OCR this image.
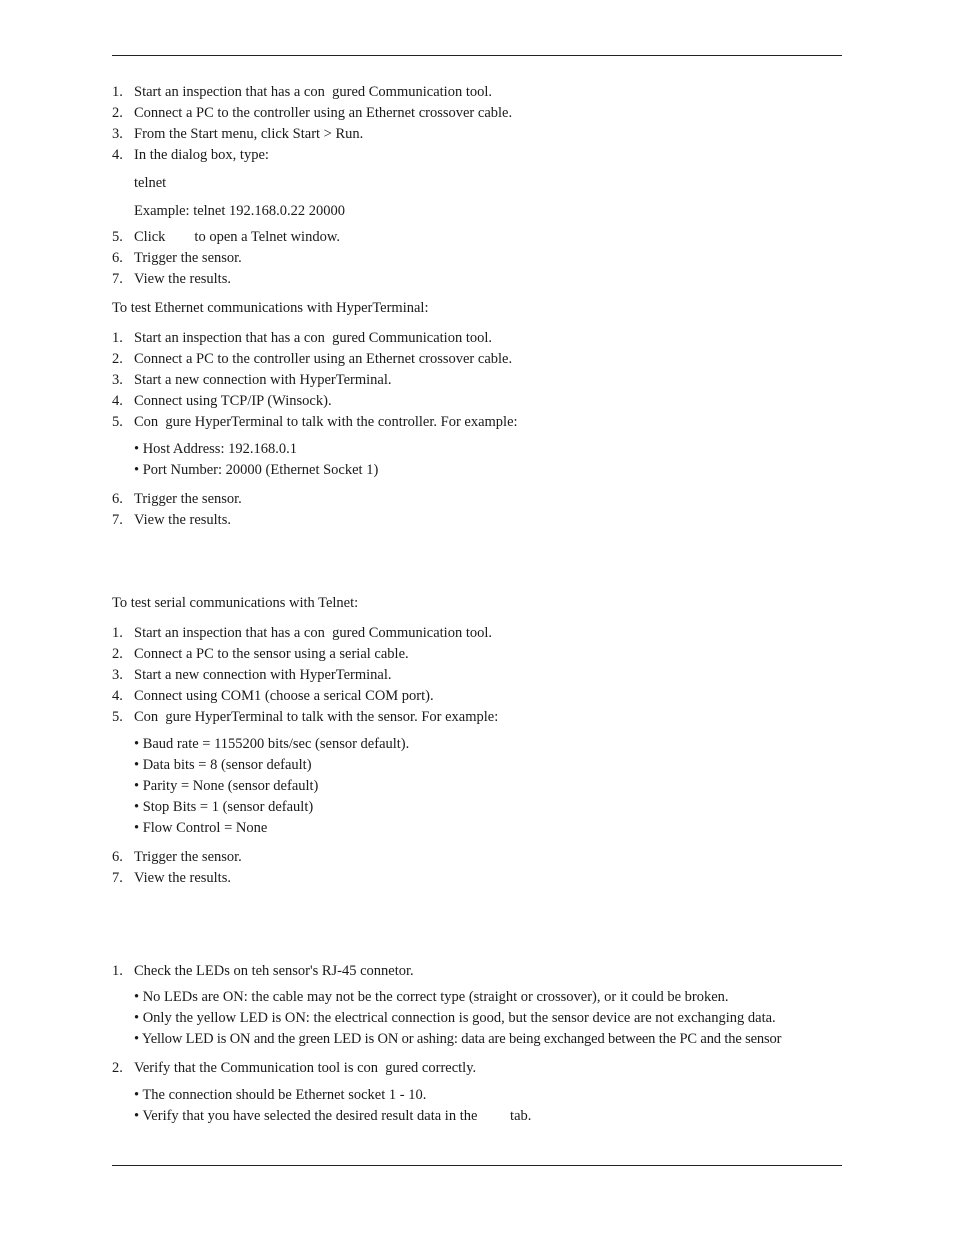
1. Start an inspection that has a con  gured Communication tool.
2. Connect a PC to the controller using an Ethernet crossover cable.
3. From the Start menu, click Start > Run.
4. In the dialog box, type:
telnet
Example: telnet 192.168.0.22 20000
5. Click        to open a Telnet window.
6. Trigger the sensor.
7. View the results.
To test Ethernet communications with HyperTerminal:
1. Start an inspection that has a con  gured Communication tool.
2. Connect a PC to the controller using an Ethernet crossover cable.
3. Start a new connection with HyperTerminal.
4. Connect using TCP/IP (Winsock).
5. Con  gure HyperTerminal to talk with the controller. For example:
• Host Address: 192.168.0.1
• Port Number: 20000 (Ethernet Socket 1)
6. Trigger the sensor.
7. View the results.
To test serial communications with Telnet:
1. Start an inspection that has a con  gured Communication tool.
2. Connect a PC to the sensor using a serial cable.
3. Start a new connection with HyperTerminal.
4. Connect using COM1 (choose a serical COM port).
5. Con  gure HyperTerminal to talk with the sensor. For example:
• Baud rate = 1155200 bits/sec (sensor default).
• Data bits = 8 (sensor default)
• Parity = None (sensor default)
• Stop Bits = 1 (sensor default)
• Flow Control = None
6. Trigger the sensor.
7. View the results.
1. Check the LEDs on teh sensor's RJ-45 connetor.
• No LEDs are ON: the cable may not be the correct type (straight or crossover), or it could be broken.
• Only the yellow LED is ON: the electrical connection is good, but the sensor device are not exchanging data.
• Yellow LED is ON and the green LED is ON or ashing: data are being exchanged between the PC and the sensor
2. Verify that the Communication tool is con  gured correctly.
• The connection should be Ethernet socket 1 - 10.
• Verify that you have selected the desired result data in the         tab.
